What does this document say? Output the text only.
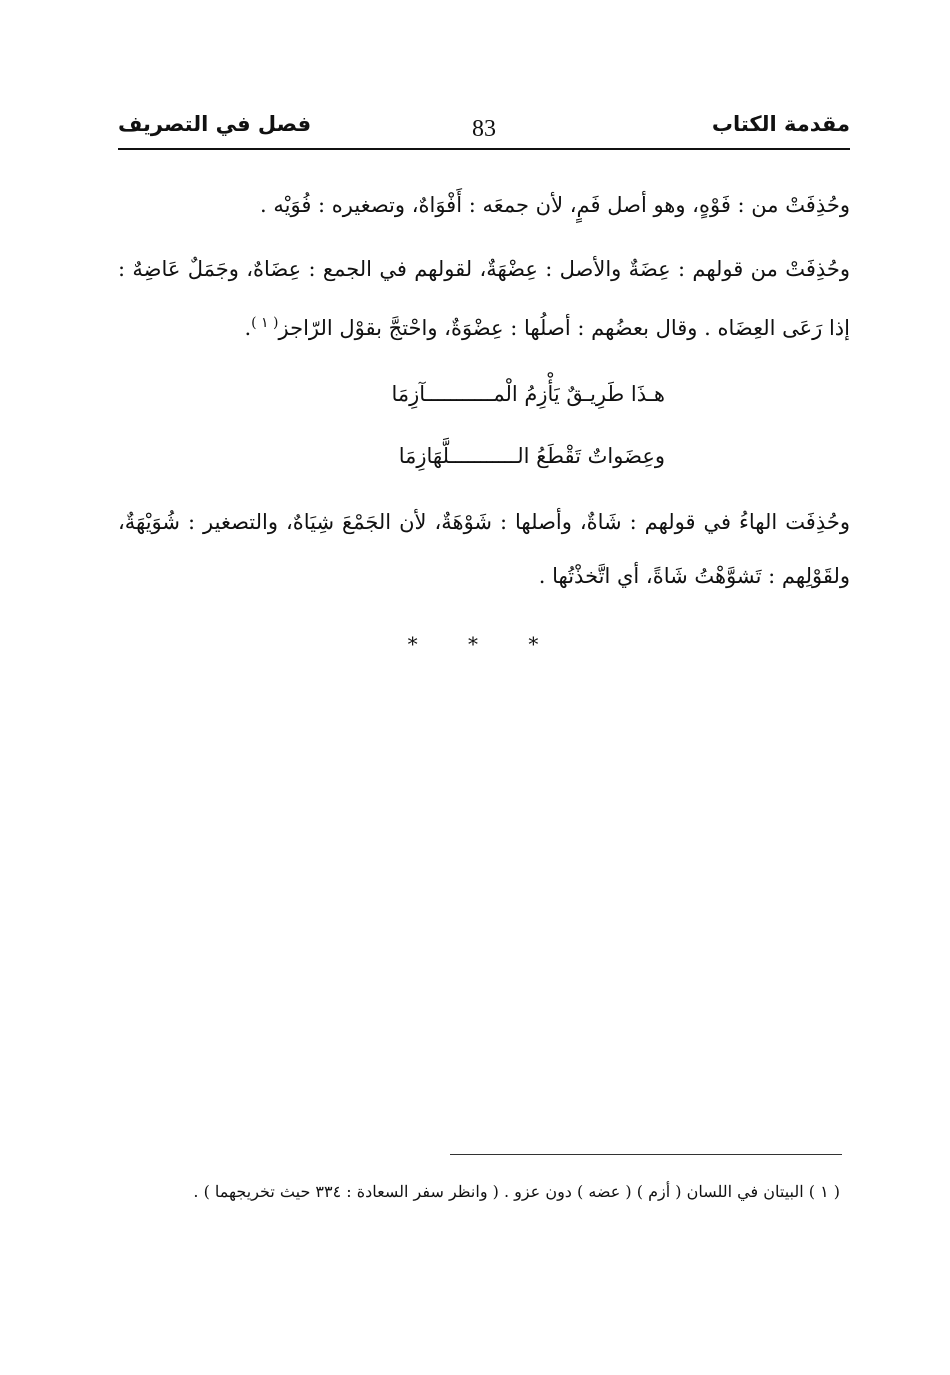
مقدمة الكتاب
83
فصل في التصريف

وحُذِفَتْ من : فَوْهٍ، وهو أصل فَمٍ، لأن جمعَه : أَفْوَاهٌ، وتصغيره : فُوَيْه .

وحُذِفَتْ من قولهم : عِضَةٌ والأصل : عِضْهَةٌ، لقولهم في الجمع : عِضَاهٌ، وجَمَلٌ عَاضِهٌ : إذا رَعَى العِضَاه . وقال بعضُهم : أصلُها : عِضْوَةٌ، واحْتجَّ بقوْل الرّاجز$^{( ١ )}$.

هـذَا طَرِيـقٌ يَأْزِمُ الْمـــــــــــآزِمَا
وعِضَواتٌ تَقْطَعُ الـــــــــــلَّهَازِمَا

وحُذِفَت الهاءُ في قولهم : شَاةٌ، وأصلها : شَوْهَةٌ، لأن الجَمْعَ شِيَاهٌ، والتصغير : شُوَيْهَةٌ، ولقَوْلِهم : تَشوَّهْتُ شَاةً، أي اتَّخذْتُها .

* * *
( ١ ) البيتان في اللسان ( أزم ) ( عضه ) دون عزو . ( وانظر سفر السعادة : ٣٣٤ حيث تخريجهما ) .
